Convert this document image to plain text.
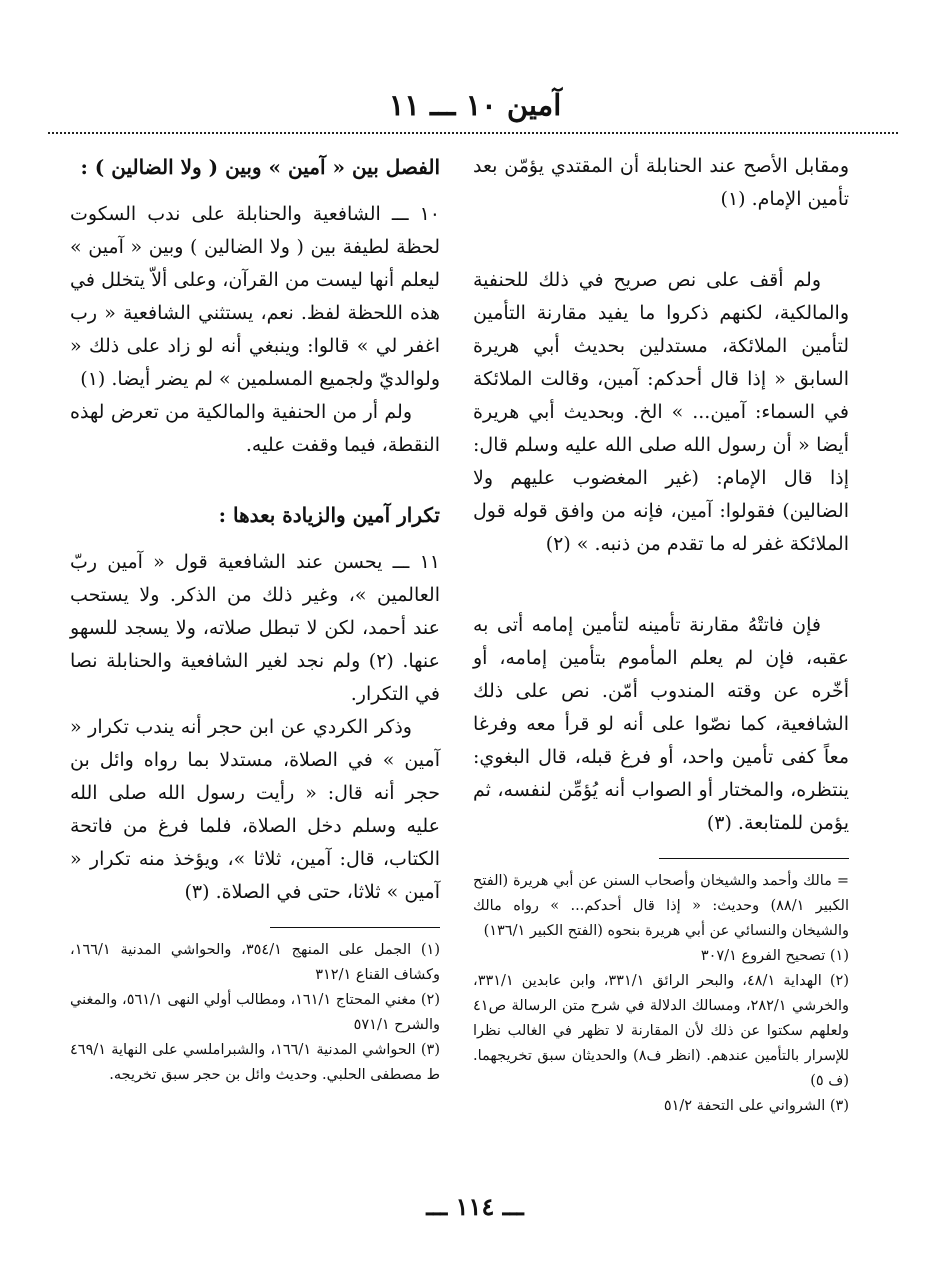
آمين ١٠ ـــ ١١

ومقابل الأصح عند الحنابلة أن المقتدي يؤمّن بعد تأمين الإمام. (١)

ولم أقف على نص صريح في ذلك للحنفية والمالكية، لكنهم ذكروا ما يفيد مقارنة التأمين لتأمين الملائكة، مستدلين بحديث أبي هريرة السابق « إذا قال أحدكم: آمين، وقالت الملائكة في السماء: آمين... » الخ. وبحديث أبي هريرة أيضا « أن رسول الله صلى الله عليه وسلم قال: إذا قال الإمام: (غير المغضوب عليهم ولا الضالين) فقولوا: آمين، فإنه من وافق قوله قول الملائكة غفر له ما تقدم من ذنبه. » (٢)

فإن فاتتْهُ مقارنة تأمينه لتأمين إمامه أتى به عقبه، فإن لم يعلم المأموم بتأمين إمامه، أو أخّره عن وقته المندوب أمّن. نص على ذلك الشافعية، كما نصّوا على أنه لو قرأ معه وفرغا معاً كفى تأمين واحد، أو فرغ قبله، قال البغوي: ينتظره، والمختار أو الصواب أنه يُؤمِّن لنفسه، ثم يؤمن للمتابعة. (٣)

= مالك وأحمد والشيخان وأصحاب السنن عن أبي هريرة (الفتح الكبير ٨٨/١) وحديث: « إذا قال أحدكم... » رواه مالك والشيخان والنسائي عن أبي هريرة بنحوه (الفتح الكبير ١٣٦/١)

(١) تصحيح الفروع ٣٠٧/١

(٢) الهداية ٤٨/١، والبحر الرائق ٣٣١/١، وابن عابدين ٣٣١/١، والخرشي ٢٨٢/١، ومسالك الدلالة في شرح متن الرسالة ص٤١ ولعلهم سكتوا عن ذلك لأن المقارنة لا تظهر في الغالب نظرا للإسرار بالتأمين عندهم. (انظر ف٨) والحديثان سبق تخريجهما. (ف ٥)

(٣) الشرواني على التحفة ٥١/٢

الفصل بين « آمين » وبين ( ولا الضالين ) :

١٠ ـــ الشافعية والحنابلة على ندب السكوت لحظة لطيفة بين ( ولا الضالين ) وبين « آمين » ليعلم أنها ليست من القرآن، وعلى ألاّ يتخلل في هذه اللحظة لفظ. نعم، يستثني الشافعية « رب اغفر لي » قالوا: وينبغي أنه لو زاد على ذلك « ولوالديّ ولجميع المسلمين » لم يضر أيضا. (١)

ولم أر من الحنفية والمالكية من تعرض لهذه النقطة، فيما وقفت عليه.

تكرار آمين والزيادة بعدها :

١١ ـــ يحسن عند الشافعية قول « آمين ربّ العالمين »، وغير ذلك من الذكر. ولا يستحب عند أحمد، لكن لا تبطل صلاته، ولا يسجد للسهو عنها. (٢) ولم نجد لغير الشافعية والحنابلة نصا في التكرار.

وذكر الكردي عن ابن حجر أنه يندب تكرار « آمين » في الصلاة، مستدلا بما رواه وائل بن حجر أنه قال: « رأيت رسول الله صلى الله عليه وسلم دخل الصلاة، فلما فرغ من فاتحة الكتاب، قال: آمين، ثلاثا »، ويؤخذ منه تكرار « آمين » ثلاثا، حتى في الصلاة. (٣)

(١) الجمل على المنهج ٣٥٤/١، والحواشي المدنية ١٦٦/١، وكشاف القناع ٣١٢/١

(٢) مغني المحتاج ١٦١/١، ومطالب أولي النهى ٥٦١/١، والمغني والشرح ٥٧١/١

(٣) الحواشي المدنية ١٦٦/١، والشبراملسي على النهاية ٤٦٩/١ ط مصطفى الحلبي. وحديث وائل بن حجر سبق تخريجه.

ـــ ١١٤ ـــ
